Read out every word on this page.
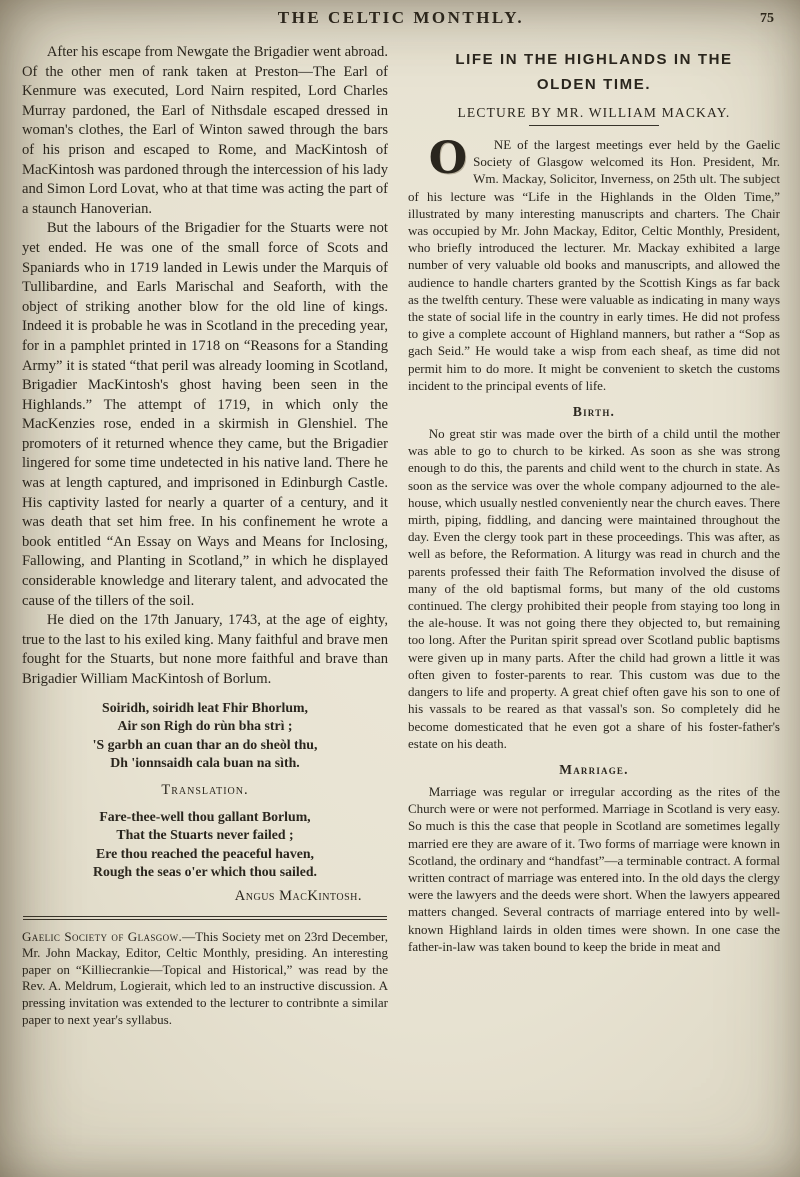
THE CELTIC MONTHLY.	75

After his escape from Newgate the Brigadier went abroad. Of the other men of rank taken at Preston—The Earl of Kenmure was executed, Lord Nairn respited, Lord Charles Murray pardoned, the Earl of Nithsdale escaped dressed in woman's clothes, the Earl of Winton sawed through the bars of his prison and escaped to Rome, and MacKintosh of MacKintosh was pardoned through the intercession of his lady and Simon Lord Lovat, who at that time was acting the part of a staunch Hanoverian.

But the labours of the Brigadier for the Stuarts were not yet ended. He was one of the small force of Scots and Spaniards who in 1719 landed in Lewis under the Marquis of Tullibardine, and Earls Marischal and Seaforth, with the object of striking another blow for the old line of kings. Indeed it is probable he was in Scotland in the preceding year, for in a pamphlet printed in 1718 on “Reasons for a Standing Army” it is stated “that peril was already looming in Scotland, Brigadier MacKintosh's ghost having been seen in the Highlands.” The attempt of 1719, in which only the MacKenzies rose, ended in a skirmish in Glenshiel. The promoters of it returned whence they came, but the Brigadier lingered for some time undetected in his native land. There he was at length captured, and imprisoned in Edinburgh Castle. His captivity lasted for nearly a quarter of a century, and it was death that set him free. In his confinement he wrote a book entitled “An Essay on Ways and Means for Inclosing, Fallowing, and Planting in Scotland,” in which he displayed considerable knowledge and literary talent, and advocated the cause of the tillers of the soil.

He died on the 17th January, 1743, at the age of eighty, true to the last to his exiled king. Many faithful and brave men fought for the Stuarts, but none more faithful and brave than Brigadier William MacKintosh of Borlum.

Soiridh, soiridh leat Fhir Bhorlum,
Air son Righ do rùn bha strì ;
'S garbh an cuan thar an do sheòl thu,
Dh 'ionnsaidh cala buan na sìth.
Translation.
Fare-thee-well thou gallant Borlum,
That the Stuarts never failed ;
Ere thou reached the peaceful haven,
Rough the seas o'er which thou sailed.
Angus MacKintosh.

Gaelic Society of Glasgow.—This Society met on 23rd December, Mr. John Mackay, Editor, Celtic Monthly, presiding. An interesting paper on “Killiecrankie—Topical and Historical,” was read by the Rev. A. Meldrum, Logierait, which led to an instructive discussion. A pressing invitation was extended to the lecturer to contribnte a similar paper to next year's syllabus.

LIFE IN THE HIGHLANDS IN THE
OLDEN TIME.
LECTURE BY MR. WILLIAM MACKAY.

O	NE of the largest meetings ever held by the Gaelic Society of Glasgow welcomed its Hon. President, Mr. Wm. Mackay, Solicitor, Inverness, on 25th ult. The subject of his lecture was “Life in the Highlands in the Olden Time,” illustrated by many interesting manuscripts and charters. The Chair was occupied by Mr. John Mackay, Editor, Celtic Monthly, President, who briefly introduced the lecturer. Mr. Mackay exhibited a large number of very valuable old books and manuscripts, and allowed the audience to handle charters granted by the Scottish Kings as far back as the twelfth century. These were valuable as indicating in many ways the state of social life in the country in early times. He did not profess to give a complete account of Highland manners, but rather a “Sop as gach Seid.” He would take a wisp from each sheaf, as time did not permit him to do more. It might be convenient to sketch the customs incident to the principal events of life.

Birth.

No great stir was made over the birth of a child until the mother was able to go to church to be kirked. As soon as she was strong enough to do this, the parents and child went to the church in state. As soon as the service was over the whole company adjourned to the ale-house, which usually nestled conveniently near the church eaves. There mirth, piping, fiddling, and dancing were maintained throughout the day. Even the clergy took part in these proceedings. This was after, as well as before, the Reformation. A liturgy was read in church and the parents professed their faith The Reformation involved the disuse of many of the old baptismal forms, but many of the old customs continued. The clergy prohibited their people from staying too long in the ale-house. It was not going there they objected to, but remaining too long. After the Puritan spirit spread over Scotland public baptisms were given up in many parts. After the child had grown a little it was often given to foster-parents to rear. This custom was due to the dangers to life and property. A great chief often gave his son to one of his vassals to be reared as that vassal's son. So completely did he become domesticated that he even got a share of his foster-father's estate on his death.

Marriage.

Marriage was regular or irregular according as the rites of the Church were or were not performed. Marriage in Scotland is very easy. So much is this the case that people in Scotland are sometimes legally married ere they are aware of it. Two forms of marriage were known in Scotland, the ordinary and “handfast”—a terminable contract. A formal written contract of marriage was entered into. In the old days the clergy were the lawyers and the deeds were short. When the lawyers appeared matters changed. Several contracts of marriage entered into by well-known Highland lairds in olden times were shown. In one case the father-in-law was taken bound to keep the bride in meat and
